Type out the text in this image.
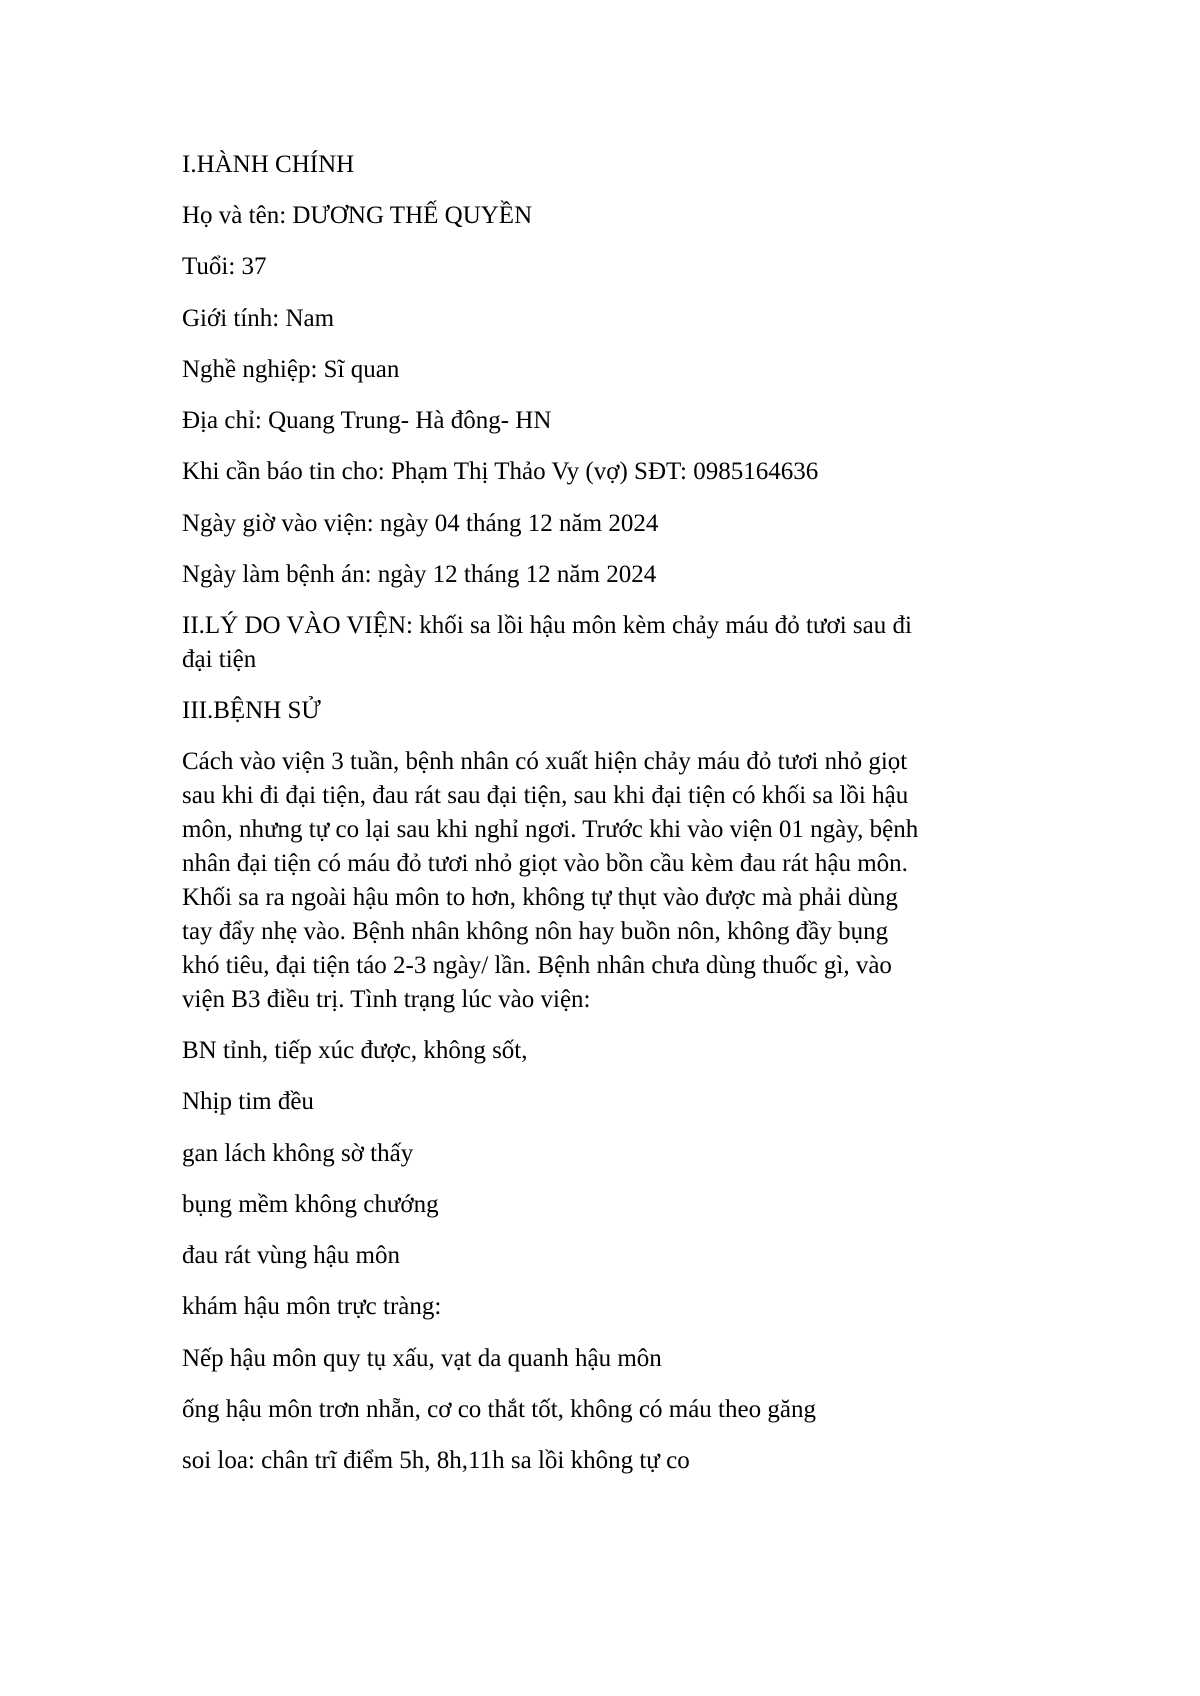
I.HÀNH CHÍNH

Họ và tên: DƯƠNG THẾ QUYỀN

Tuổi: 37

Giới tính: Nam

Nghề nghiệp: Sĩ quan

Địa chỉ: Quang Trung- Hà đông- HN

Khi cần báo tin cho: Phạm Thị Thảo Vy (vợ) SĐT: 0985164636

Ngày giờ vào viện: ngày 04 tháng 12 năm 2024

Ngày làm bệnh án: ngày 12 tháng 12 năm 2024

II.LÝ DO VÀO VIỆN: khối sa lồi hậu môn kèm chảy máu đỏ tươi sau đi

đại tiện

III.BỆNH SỬ

Cách vào viện 3 tuần, bệnh nhân có xuất hiện chảy máu đỏ tươi nhỏ giọt

sau khi đi đại tiện, đau rát sau đại tiện, sau khi đại tiện có khối sa lồi hậu

môn, nhưng tự co lại sau khi nghỉ ngơi. Trước khi vào viện 01 ngày, bệnh

nhân đại tiện có máu đỏ tươi nhỏ giọt vào bồn cầu kèm đau rát hậu môn.

Khối sa ra ngoài hậu môn to hơn, không tự thụt vào được mà phải dùng

tay đẩy nhẹ vào. Bệnh nhân không nôn hay buồn nôn, không đầy bụng

khó tiêu, đại tiện táo 2-3 ngày/ lần. Bệnh nhân chưa dùng thuốc gì, vào

viện B3 điều trị. Tình trạng lúc vào viện:

BN tỉnh, tiếp xúc được, không sốt,

Nhịp tim đều

gan lách không sờ thấy

bụng mềm không chướng

đau rát vùng hậu môn

khám hậu môn trực tràng:

Nếp hậu môn quy tụ xấu, vạt da quanh hậu môn

ống hậu môn trơn nhẵn, cơ co thắt tốt, không có máu theo găng

soi loa: chân trĩ điểm 5h, 8h,11h sa lồi không tự co
